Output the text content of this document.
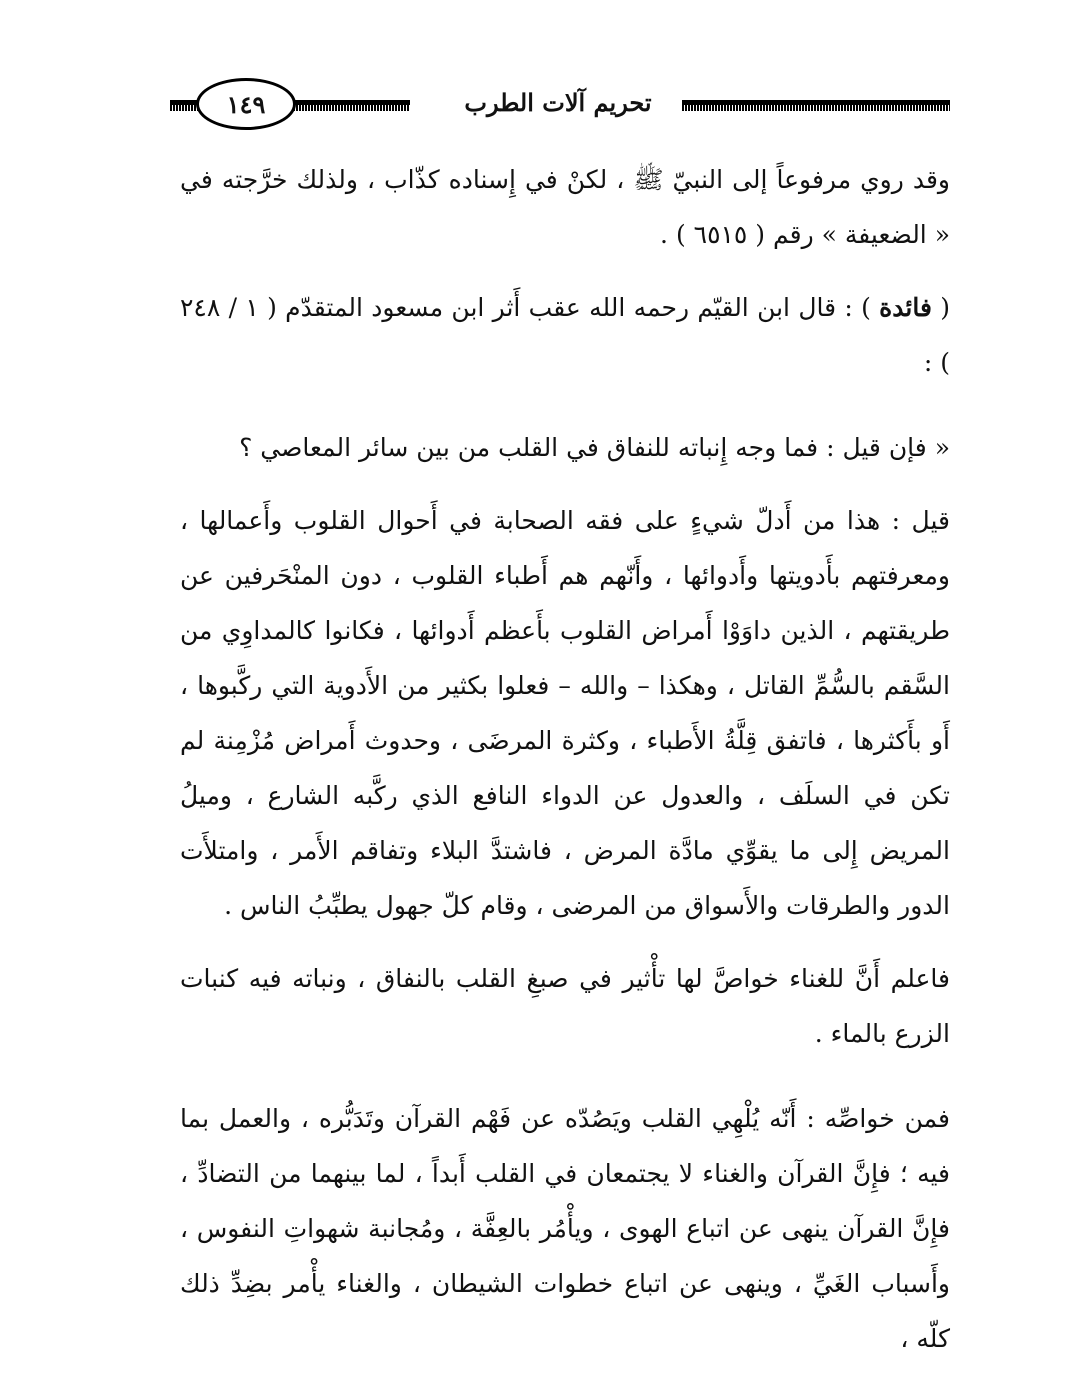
١٤٩	تحريم آلات الطرب

وقد روي مرفوعاً إلى النبيّ ﷺ ، لكنْ في إِسناده كذّاب ، ولذلك خرَّجته في « الضعيفة » رقم ( ٦٥١٥ ) .

( فائدة ) : قال ابن القيّم رحمه الله عقب أَثر ابن مسعود المتقدّم ( ١ / ٢٤٨ ) :

« فإن قيل : فما وجه إِنباته للنفاق في القلب من بين سائر المعاصي ؟

قيل : هذا من أَدلّ شيءٍ على فقه الصحابة في أَحوال القلوب وأَعمالها ، ومعرفتهم بأَدويتها وأَدوائها ، وأَنّهم هم أَطباء القلوب ، دون المنْحَرفين عن طريقتهم ، الذين داوَوْا أَمراض القلوب بأَعظم أَدوائها ، فكانوا كالمداوِي من السَّقم بالسُّمِّ القاتل ، وهكذا – والله – فعلوا بكثير من الأَدوية التي ركَّبوها ، أَو بأَكثرها ، فاتفق قِلَّةُ الأَطباء ، وكثرة المرضَى ، وحدوث أَمراض مُزْمِنة لم تكن في السلَف ، والعدول عن الدواء النافع الذي ركَّبه الشارع ، وميلُ المريض إِلى ما يقوِّي مادَّة المرض ، فاشتدَّ البلاء وتفاقم الأَمر ، وامتلأَت الدور والطرقات والأَسواق من المرضى ، وقام كلّ جهول يطبِّبُ الناس .

فاعلم أَنَّ للغناء خواصَّ لها تأْثير في صبغِ القلب بالنفاق ، ونباته فيه كنبات الزرع بالماء .

فمن خواصِّه : أَنّه يُلْهِي القلب ويَصُدّه عن فَهْم القرآن وتَدَبُّره ، والعمل بما فيه ؛ فإِنَّ القرآن والغناء لا يجتمعان في القلب أَبداً ، لما بينهما من التضادِّ ، فإِنَّ القرآن ينهى عن اتباع الهوى ، ويأْمُر بالعِفَّة ، ومُجانبة شهواتِ النفوس ، وأَسباب الغَيِّ ، وينهى عن اتباع خطوات الشيطان ، والغناء يأْمر بضِدِّ ذلك كلّه ،
